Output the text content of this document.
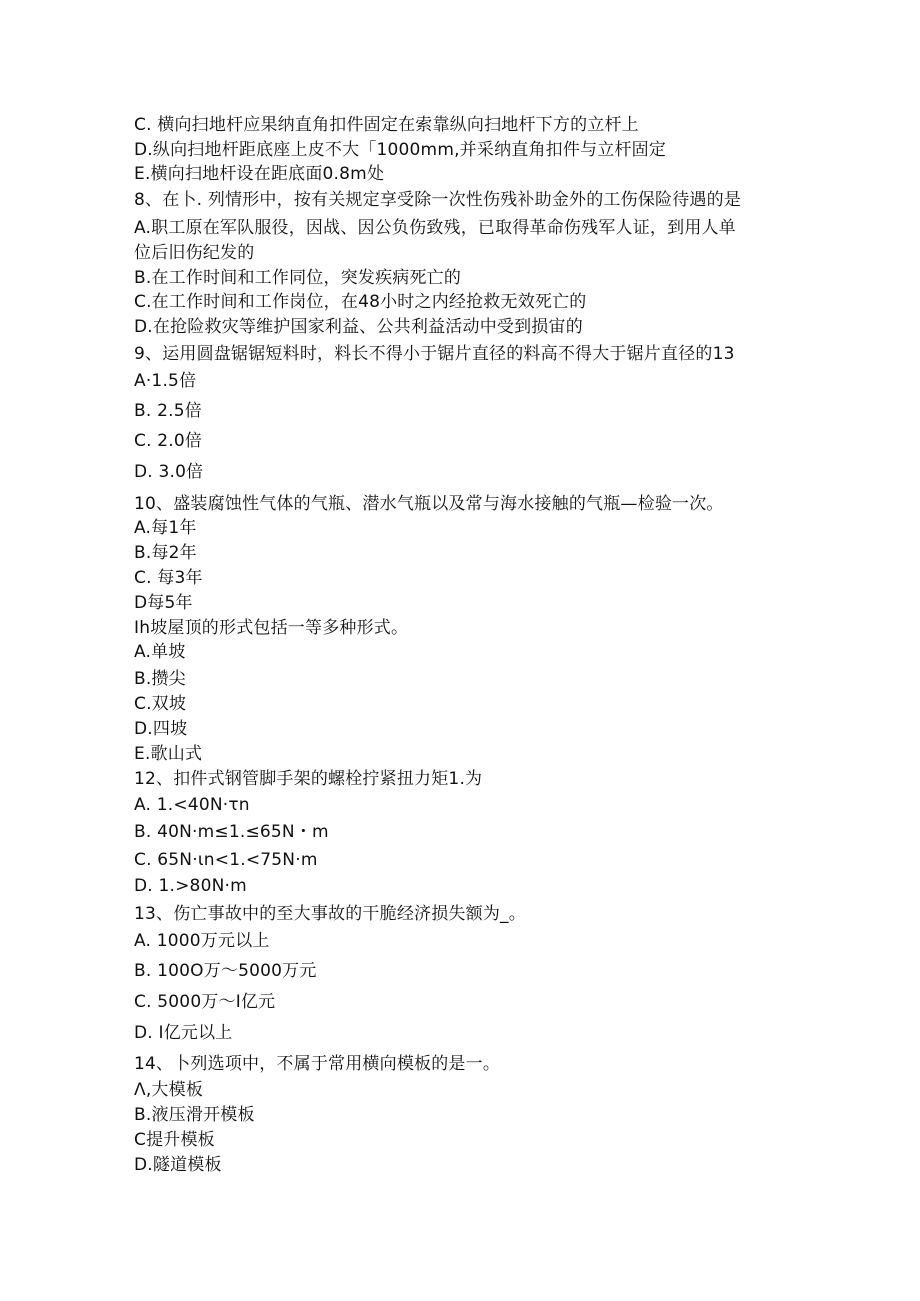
C. 横向扫地杆应果纳直角扣件固定在索靠纵向扫地杆下方的立杆上
D.纵向扫地杆距底座上皮不大「1000mm,并采纳直角扣件与立杆固定
E.横向扫地杆设在距底面0.8m处
8、在卜. 列情形中，按有关规定享受除一次性伤残补助金外的工伤保险待遇的是
A.职工原在军队服役，因战、因公负伤致残，已取得革命伤残军人证，到用人单
位后旧伤纪发的
B.在工作时间和工作同位，突发疾病死亡的
C.在工作时间和工作岗位，在48小时之内经抢救无效死亡的
D.在抢险救灾等维护国家利益、公共利益活动中受到损宙的
9、运用圆盘锯锯短料时，料长不得小于锯片直径的料高不得大于锯片直径的13
A·1.5倍
B. 2.5倍
C. 2.0倍
D. 3.0倍
10、盛装腐蚀性气体的气瓶、潜水气瓶以及常与海水接触的气瓶—检验一次。
A.每1年
B.每2年
C. 每3年
D每5年
Ih坡屋顶的形式包括一等多种形式。
A.单坡
B.攒尖
C.双坡
D.四坡
E.歌山式
12、扣件式钢管脚手架的螺栓拧紧扭力矩1.为
A. 1.<40N·τn
B. 40N·m≤1.≤65N・m
C. 65N·ιn<1.<75N·m
D. 1.>80N·m
13、伤亡事故中的至大事故的干脆经济损失额为_。
A. 1000万元以上
B. 100O万～5000万元
C. 5000万～I亿元
D. I亿元以上
14、卜列选项中，不属于常用横向模板的是一。
Λ,大模板
B.液压滑开模板
C提升模板
D.隧道模板
